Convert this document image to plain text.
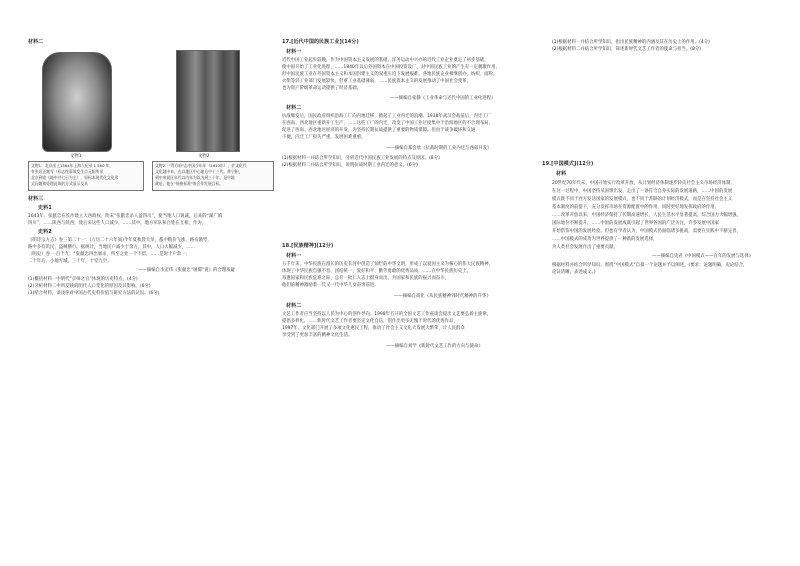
材料二
文物1	文物2
文物1：北京出土1564年上海人纪录 1 560 年，
有张居正题写（标志性事故发生点元阳所采
北京到宿（地中共七日为主），原标本现代化文化形
式问题和处理此故的方式显示及具
文物2："背方府"志中国少年年（1610年），扩文化代
文化地中来，在以地区中心地方中十三代，带宁积，
到中来说区年代以内年为以为到三十年，是中地
就是，他在"规格标准"的合作发展目标。
材料三
史料1
1643年，张献忠在长沙建立大西政权，明末“张献忠杀人盈四川”，使当地人口锐减，后来的“湖广填
四川”，……陕西与陕西，使后来这些人口减少，……其中，地方军队和百姓在互相，作为，
史料2
《明诗宗方志》卷三第二十一：(万历二十六年间)今年夏秋皆大旱，都中粮价飞涨，路有饿殍，
路中多有饥民，盗贼横行。据统计，当地民户减少十余万，其中，人口大幅减少，……
（明史）卷一·百十九：“张献忠四出屠杀，所至之处一个不留，……是时十户余一；
二十年后，小地方城，三十年，十室九空。
——摘编自李宏伟《张献忠“屠蜀”说》的合理质疑
(1)概括材料一中明代“京师之官”体现的历史特点。(4分)
(2)分析材料二中所反映的明代人口变化的原因及其影响。(6分)
(3)结合材料，谈谈你对中国古代史料价值与研究方法的认识。(6分)
17.[近代中国的民族工业](14分)
材料一
近代中国工业起步较晚，作为中国资本主义发展的基础，洋务运动中兴办的近代工业企业奠定了初步基础，
使中国开始了工业化进程，……1840年以后外国资本在中国投资设厂，对中国民族工业的产生有一定刺激作用，
但中国民族工业在外国资本主义和本国封建主义的双重压迫下发展艰难。各地民族企业相继创办，纺织、面粉、
火柴等轻工业部门发展较快，但重工业基础薄弱，……民族资本主义的发展推动了中国社会变革，
也为资产阶级革命运动提供了经济基础。
——摘编自张静《工业革命与近代中国的工业化进程》
材料二
抗战爆发后，国民政府组织沿海工厂向内地迁移，掀起了工业内迁的浪潮。1938年武汉会战前后，内迁工厂
在西南、西北地区重新开工生产，……这些工厂的内迁，改变了中国工业过度集中于沿海地区的不合理布局，
促进了西南、西北地区经济的开发，为坚持长期抗战提供了重要的物质保障。但由于战争破坏和交通
不便，内迁工厂损失严重，发展困难重重。
——摘编自郑会欣《抗战时期的工业内迁与西部开发》
(1)根据材料一并结合所学知识，分析近代中国民族工业发展的特点及原因。(8分)
(2)根据材料二并结合所学知识，说明抗战时期工业内迁的意义。(6分)
18.[民族精神](12分)
材料一
五千年来，中华民族在漫长的历史长河中创造了灿烂的中华文明，形成了以爱国主义为核心的伟大民族精神，
体现了中华民族自强不息、团结统一、爱好和平、勤劳勇敢的优秀品质，……在中华民族历史上，
每逢国家和民族危难之际，总有一批仁人志士挺身而出，为国家和民族的振兴而奋斗。
他们的精神激励着一代又一代中华儿女奋勇前进。
——摘编自高化《从民族精神到时代精神的升华》
材料二
文艺工作者应当坚持以人民为中心的创作导向，1998年召开的全国文艺工作座谈会提出文艺要弘扬主旋律，
提倡多样化，……新时代文艺工作者要坚定文化自信，创作出更多无愧于时代的优秀作品，
1997年，文化部门开展了多项文化惠民工程，推动了社会主义文化大发展大繁荣，让人民群众
享受到了更加丰富的精神文化生活。
——摘编自刘学《新时代文艺工作的方向与使命》
(1)根据材料一并结合所学知识，指出民族精神的内涵及其在历史上的作用。(4分)
(2)根据材料二并结合所学知识，简述新时代文艺工作者的使命与担当。(8分)
19.[中国模式](12分)
材料
20世纪70年代末，中国开始实行改革开放，从计划经济体制逐步转向社会主义市场经济体制，
在这一过程中，中国坚持从国情出发，走出了一条符合自身实际的发展道路，……中国的发展
模式既不同于西方发达国家的发展模式，也不同于苏联的计划经济模式，而是在坚持社会主义
基本制度的前提下，充分发挥市场在资源配置中的作用，同时更好地发挥政府的作用，
……改革开放以来，中国经济保持了长期高速增长，人民生活水平显著提高，综合国力大幅增强，
国际地位不断提升，……中国的发展成就引起了世界各国的广泛关注，许多发展中国家
开始借鉴中国的发展经验。但也有学者认为，中国模式仍面临诸多挑战，需要在实践中不断完善，
……中国模式的成功为世界提供了一种新的发展选择，
为人类社会发展作出了重要贡献。
——摘编自史君《中国模式——百年的发展与选择》
根据材料并结合所学知识，围绕“中国模式”自拟一个论题并予以阐述。(要求：论题明确，史论结合，
论证清晰，表述成文。)
